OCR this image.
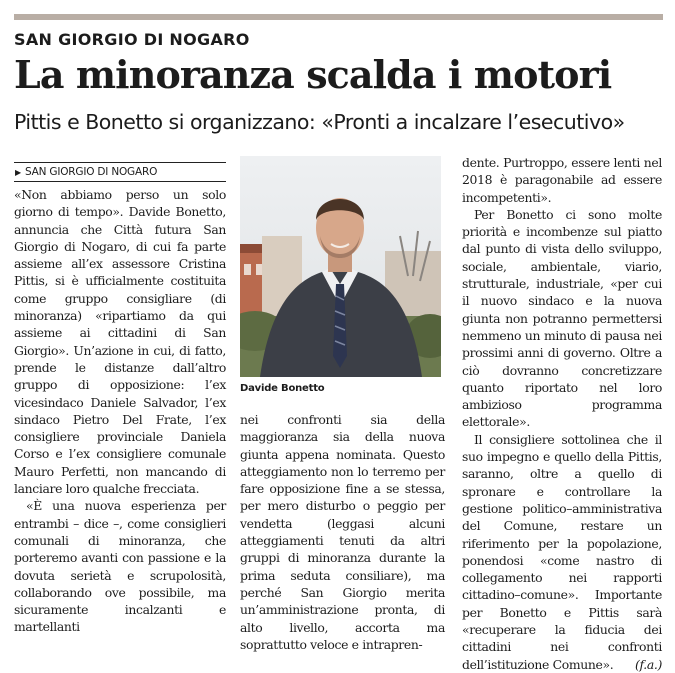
SAN GIORGIO DI NOGARO
La minoranza scalda i motori
Pittis e Bonetto si organizzano: «Pronti a incalzare l’esecutivo»
▶ SAN GIORGIO DI NOGARO

«Non abbiamo perso un solo giorno di tempo». Davide Bonetto, annuncia che Città futura San Giorgio di Nogaro, di cui fa parte assieme all’ex assessore Cristina Pittis, si è ufficialmente costituita come gruppo consigliare (di minoranza) «ripartiamo da qui assieme ai cittadini di San Giorgio». Un’azione in cui, di fatto, prende le distanze dall’altro gruppo di opposizione: l’ex vicesindaco Daniele Salvador, l’ex sindaco Pietro Del Frate, l’ex consigliere provinciale Daniela Corso e l’ex consigliere comunale Mauro Perfetti, non mancando di lanciare loro qualche frecciata.

«È una nuova esperienza per entrambi – dice –, come consiglieri comunali di minoranza, che porteremo avanti con passione e la dovuta serietà e scrupolosità, collaborando ove possibile, ma sicuramente incalzanti e martellanti

Davide Bonetto

nei confronti sia della maggioranza sia della nuova giunta appena nominata. Questo atteggiamento non lo terremo per fare opposizione fine a se stessa, per mero disturbo o peggio per vendetta (leggasi alcuni atteggiamenti tenuti da altri gruppi di minoranza durante la prima seduta consiliare), ma perché San Giorgio merita un’amministrazione pronta, di alto livello, accorta ma soprattutto veloce e intrapren-

dente. Purtroppo, essere lenti nel 2018 è paragonabile ad essere incompetenti».

Per Bonetto ci sono molte priorità e incombenze sul piatto dal punto di vista dello sviluppo, sociale, ambientale, viario, strutturale, industriale, «per cui il nuovo sindaco e la nuova giunta non potranno permettersi nemmeno un minuto di pausa nei prossimi anni di governo. Oltre a ciò dovranno concretizzare quanto riportato nel loro ambizioso programma elettorale».

Il consigliere sottolinea che il suo impegno e quello della Pittis, saranno, oltre a quello di spronare e controllare la gestione politico–amministrativa del Comune, restare un riferimento per la popolazione, ponendosi «come nastro di collegamento nei rapporti cittadino–comune». Importante per Bonetto e Pittis sarà «recuperare la fiducia dei cittadini nei confronti dell’istituzione Comune».	(f.a.)
